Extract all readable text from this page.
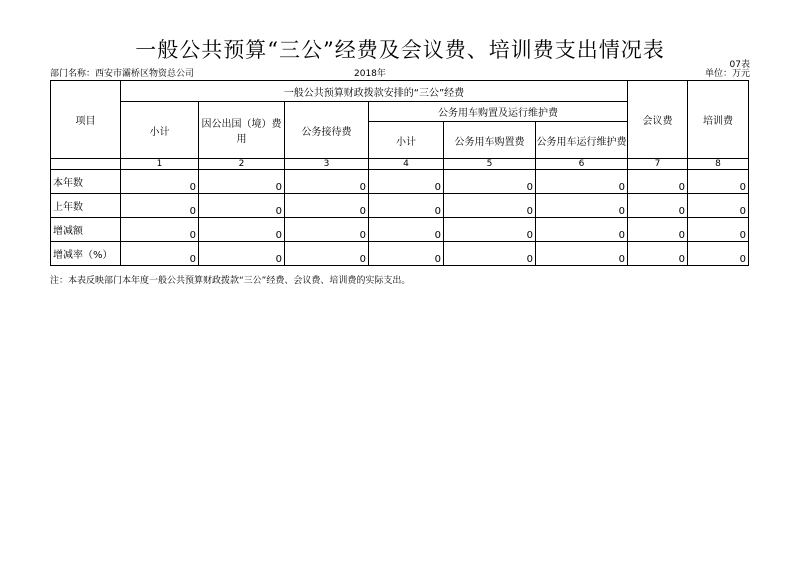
一般公共预算“三公”经费及会议费、培训费支出情况表
07表
部门名称：西安市灞桥区物资总公司	2018年	单位：万元
项目	一般公共预算财政拨款安排的“三公”经费						会议费	培训费
	小计	因公出国（境）费用	公务接待费	公务用车购置及运行维护费				
				小计	公务用车购置费	公务用车运行维护费		
	1	2	3	4	5	6	7	8
本年数	0	0	0	0	0	0	0	0
上年数	0	0	0	0	0	0	0	0
增减额	0	0	0	0	0	0	0	0
增减率（%）	0	0	0	0	0	0	0	0
注：本表反映部门本年度一般公共预算财政拨款“三公”经费、会议费、培训费的实际支出。
